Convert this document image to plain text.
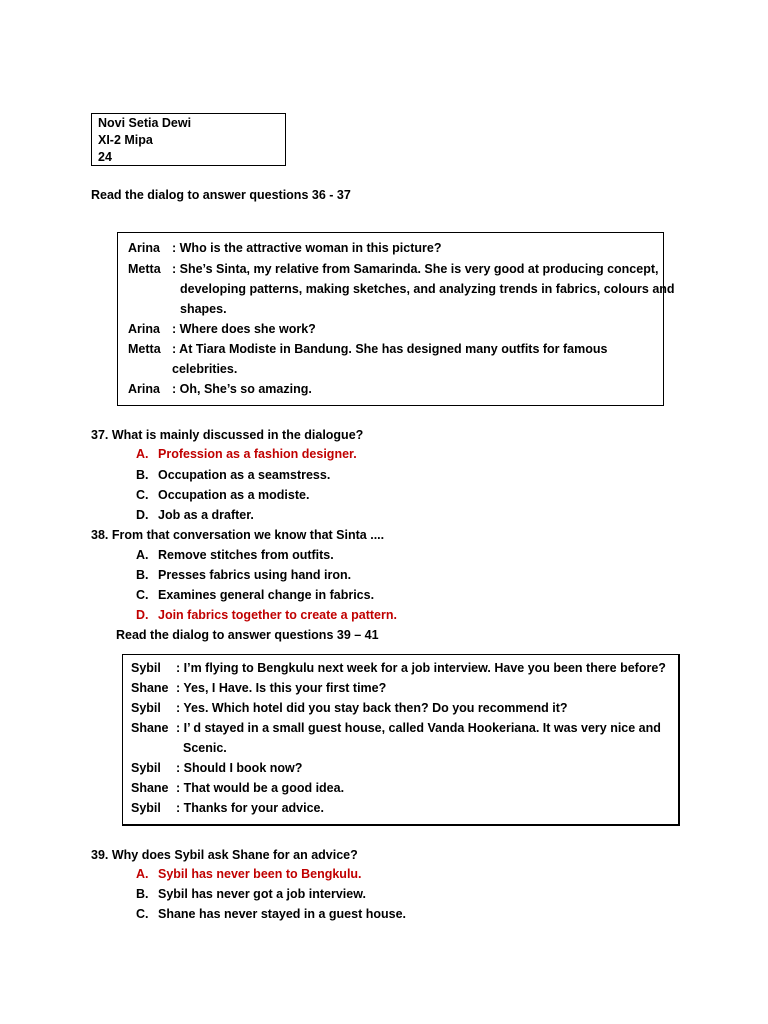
Novi Setia Dewi
XI-2 Mipa
24
Read the dialog to answer questions 36 - 37
Arina : Who is the attractive woman in this picture?
Metta : She’s Sinta, my relative from Samarinda. She is very good at producing concept,
developing patterns, making sketches, and analyzing trends in fabrics, colours and
shapes.
Arina : Where does she work?
Metta : At Tiara Modiste in Bandung. She has designed many outfits for famous
celebrities.
Arina : Oh, She’s so amazing.
37. What is mainly discussed in the dialogue?
A. Profession as a fashion designer.
B. Occupation as a seamstress.
C. Occupation as a modiste.
D. Job as a drafter.
38. From that conversation we know that Sinta ....
A. Remove stitches from outfits.
B. Presses fabrics using hand iron.
C. Examines general change in fabrics.
D. Join fabrics together to create a pattern.
Read the dialog to answer questions 39 – 41
Sybil : I’m flying to Bengkulu next week for a job interview. Have you been there before?
Shane : Yes, I Have. Is this your first time?
Sybil : Yes. Which hotel did you stay back then? Do you recommend it?
Shane : I’ d stayed in a small guest house, called Vanda Hookeriana. It was very nice and
Scenic.
Sybil : Should I book now?
Shane : That would be a good idea.
Sybil : Thanks for your advice.
39. Why does Sybil ask Shane for an advice?
A. Sybil has never been to Bengkulu.
B. Sybil has never got a job interview.
C. Shane has never stayed in a guest house.
